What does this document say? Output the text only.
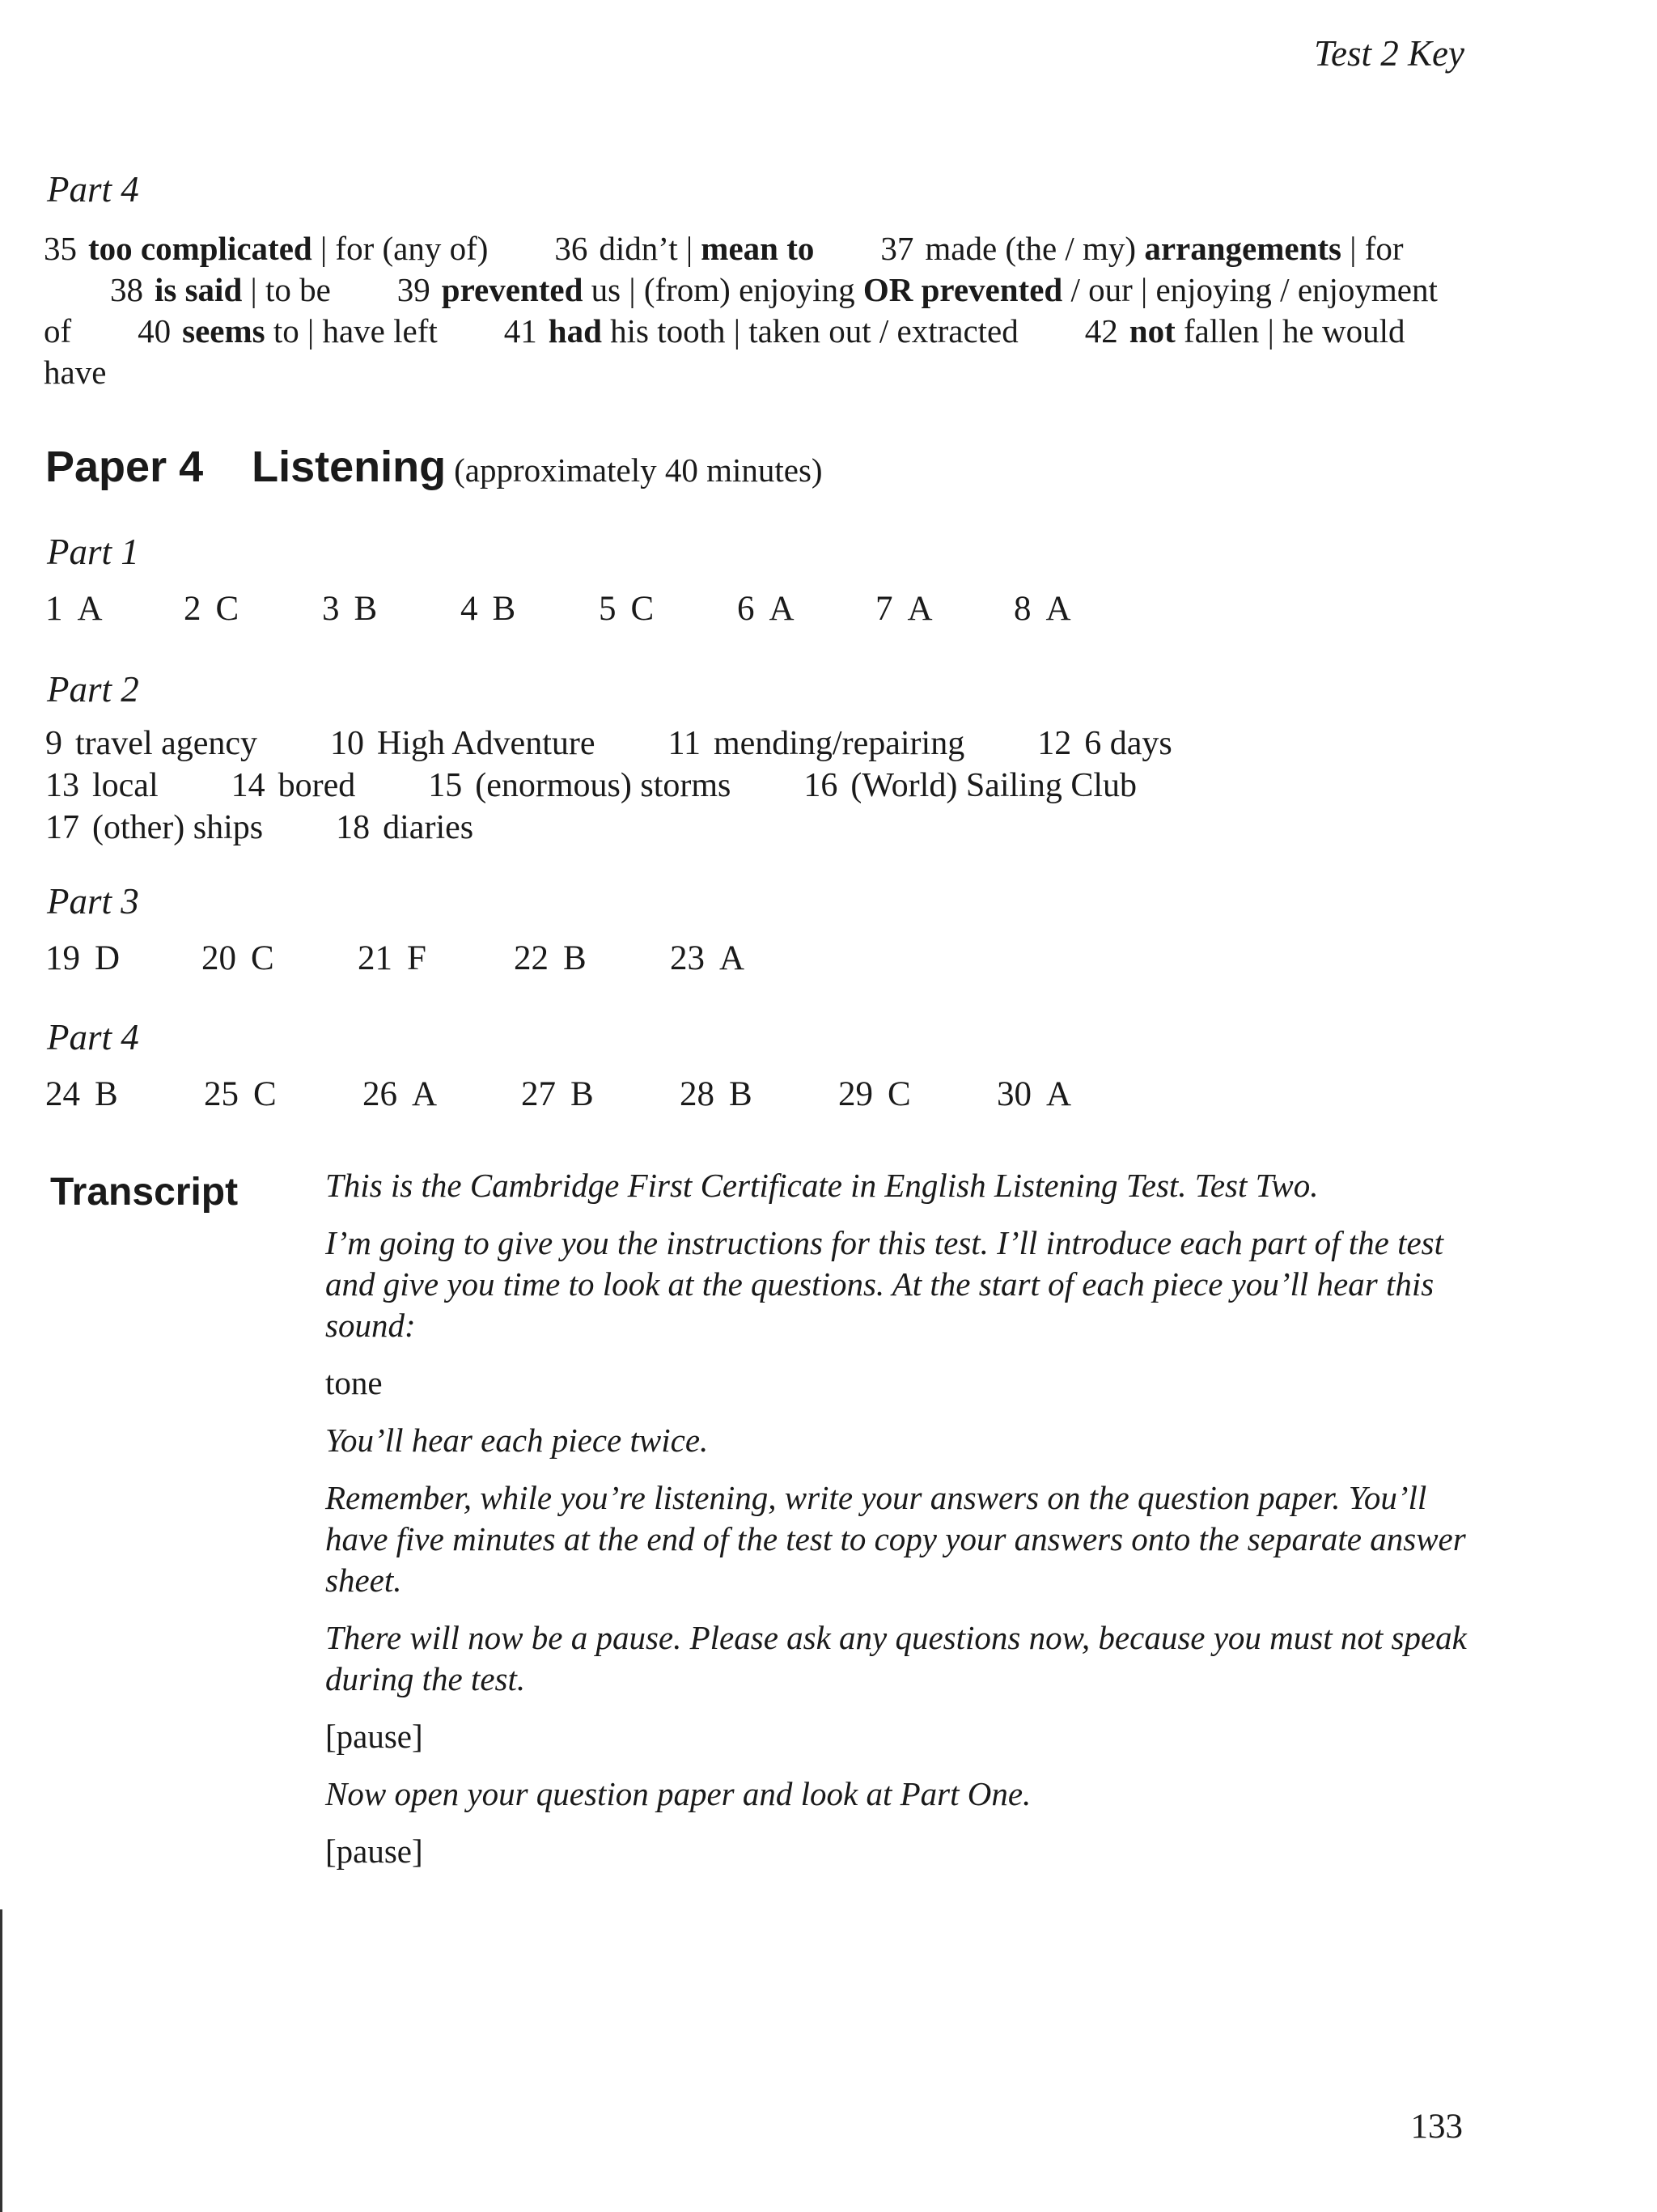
Test 2 Key
Part 4
35 too complicated | for (any of) 36 didn’t | mean to 37 made (the / my) arrangements | for38 is said | to be 39 prevented us | (from) enjoying OR prevented / our | enjoying / enjoyment of 40 seems to | have left 41 had his tooth | taken out / extracted 42 not fallen | he would have
Paper 4 Listening (approximately 40 minutes)
Part 1
1 A 2 C 3 B 4 B 5 C 6 A 7 A 8 A
Part 2
9 travel agency 10 High Adventure 11 mending/repairing 12 6 days
13 local 14 bored 15 (enormous) storms 16 (World) Sailing Club
17 (other) ships 18 diaries
Part 3
19 D 20 C 21 F	22 B 23 A
Part 4
24 B 25 C 26 A 27 B 28 B 29 C 30 A
Transcript	This is the Cambridge First Certificate in English Listening Test. Test Two.

I’m going to give you the instructions for this test. I’ll introduce each part of the test and give you time to look at the questions. At the start of each piece you’ll hear this sound:

tone

You’ll hear each piece twice.

Remember, while you’re listening, write your answers on the question paper. You’ll have five minutes at the end of the test to copy your answers onto the separate answer sheet.

There will now be a pause. Please ask any questions now, because you must not speak during the test.

[pause]

Now open your question paper and look at Part One.

[pause]

133
